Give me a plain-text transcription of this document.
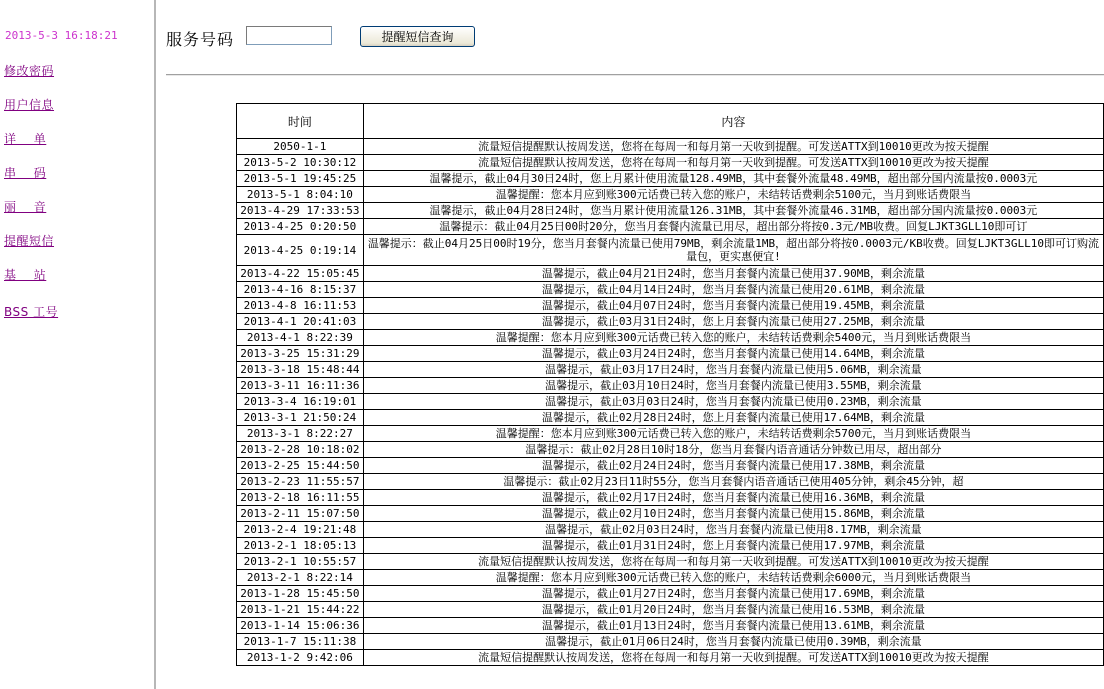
2013-5-3 16:18:21
修改密码
用户信息
详    单
串    码
丽    音
提醒短信
基    站
BSS 工号
服务号码	提醒短信查询
时间	内容
2050-1-1	流量短信提醒默认按周发送，您将在每周一和每月第一天收到提醒。可发送ATTX到10010更改为按天提醒
2013-5-2 10:30:12	流量短信提醒默认按周发送，您将在每周一和每月第一天收到提醒。可发送ATTX到10010更改为按天提醒
2013-5-1 19:45:25	温馨提示，截止04月30日24时，您上月累计使用流量128.49MB，其中套餐外流量48.49MB，超出部分国内流量按0.0003元
2013-5-1 8:04:10	温馨提醒：您本月应到账300元话费已转入您的账户，未结转话费剩余5100元，当月到账话费限当
2013-4-29 17:33:53	温馨提示，截止04月28日24时，您当月累计使用流量126.31MB，其中套餐外流量46.31MB，超出部分国内流量按0.0003元
2013-4-25 0:20:50	温馨提示：截止04月25日00时20分，您当月套餐内流量已用尽，超出部分将按0.3元/MB收费。回复LJKT3GLL10即可订
2013-4-25 0:19:14	温馨提示：截止04月25日00时19分，您当月套餐内流量已使用79MB，剩余流量1MB，超出部分将按0.0003元/KB收费。回复LJKT3GLL10即可订购流量包，更实惠便宜!
2013-4-22 15:05:45	温馨提示，截止04月21日24时，您当月套餐内流量已使用37.90MB，剩余流量
2013-4-16 8:15:37	温馨提示，截止04月14日24时，您当月套餐内流量已使用20.61MB，剩余流量
2013-4-8 16:11:53	温馨提示，截止04月07日24时，您当月套餐内流量已使用19.45MB，剩余流量
2013-4-1 20:41:03	温馨提示，截止03月31日24时，您上月套餐内流量已使用27.25MB，剩余流量
2013-4-1 8:22:39	温馨提醒：您本月应到账300元话费已转入您的账户，未结转话费剩余5400元，当月到账话费限当
2013-3-25 15:31:29	温馨提示，截止03月24日24时，您当月套餐内流量已使用14.64MB，剩余流量
2013-3-18 15:48:44	温馨提示，截止03月17日24时，您当月套餐内流量已使用5.06MB，剩余流量
2013-3-11 16:11:36	温馨提示，截止03月10日24时，您当月套餐内流量已使用3.55MB，剩余流量
2013-3-4 16:19:01	温馨提示，截止03月03日24时，您当月套餐内流量已使用0.23MB，剩余流量
2013-3-1 21:50:24	温馨提示，截止02月28日24时，您上月套餐内流量已使用17.64MB，剩余流量
2013-3-1 8:22:27	温馨提醒：您本月应到账300元话费已转入您的账户，未结转话费剩余5700元，当月到账话费限当
2013-2-28 10:18:02	温馨提示：截止02月28日10时18分，您当月套餐内语音通话分钟数已用尽，超出部分
2013-2-25 15:44:50	温馨提示，截止02月24日24时，您当月套餐内流量已使用17.38MB，剩余流量
2013-2-23 11:55:57	温馨提示：截止02月23日11时55分，您当月套餐内语音通话已使用405分钟，剩余45分钟，超
2013-2-18 16:11:55	温馨提示，截止02月17日24时，您当月套餐内流量已使用16.36MB，剩余流量
2013-2-11 15:07:50	温馨提示，截止02月10日24时，您当月套餐内流量已使用15.86MB，剩余流量
2013-2-4 19:21:48	温馨提示，截止02月03日24时，您当月套餐内流量已使用8.17MB，剩余流量
2013-2-1 18:05:13	温馨提示，截止01月31日24时，您上月套餐内流量已使用17.97MB，剩余流量
2013-2-1 10:55:57	流量短信提醒默认按周发送，您将在每周一和每月第一天收到提醒。可发送ATTX到10010更改为按天提醒
2013-2-1 8:22:14	温馨提醒：您本月应到账300元话费已转入您的账户，未结转话费剩余6000元，当月到账话费限当
2013-1-28 15:45:50	温馨提示，截止01月27日24时，您当月套餐内流量已使用17.69MB，剩余流量
2013-1-21 15:44:22	温馨提示，截止01月20日24时，您当月套餐内流量已使用16.53MB，剩余流量
2013-1-14 15:06:36	温馨提示，截止01月13日24时，您当月套餐内流量已使用13.61MB，剩余流量
2013-1-7 15:11:38	温馨提示，截止01月06日24时，您当月套餐内流量已使用0.39MB，剩余流量
2013-1-2 9:42:06	流量短信提醒默认按周发送，您将在每周一和每月第一天收到提醒。可发送ATTX到10010更改为按天提醒
